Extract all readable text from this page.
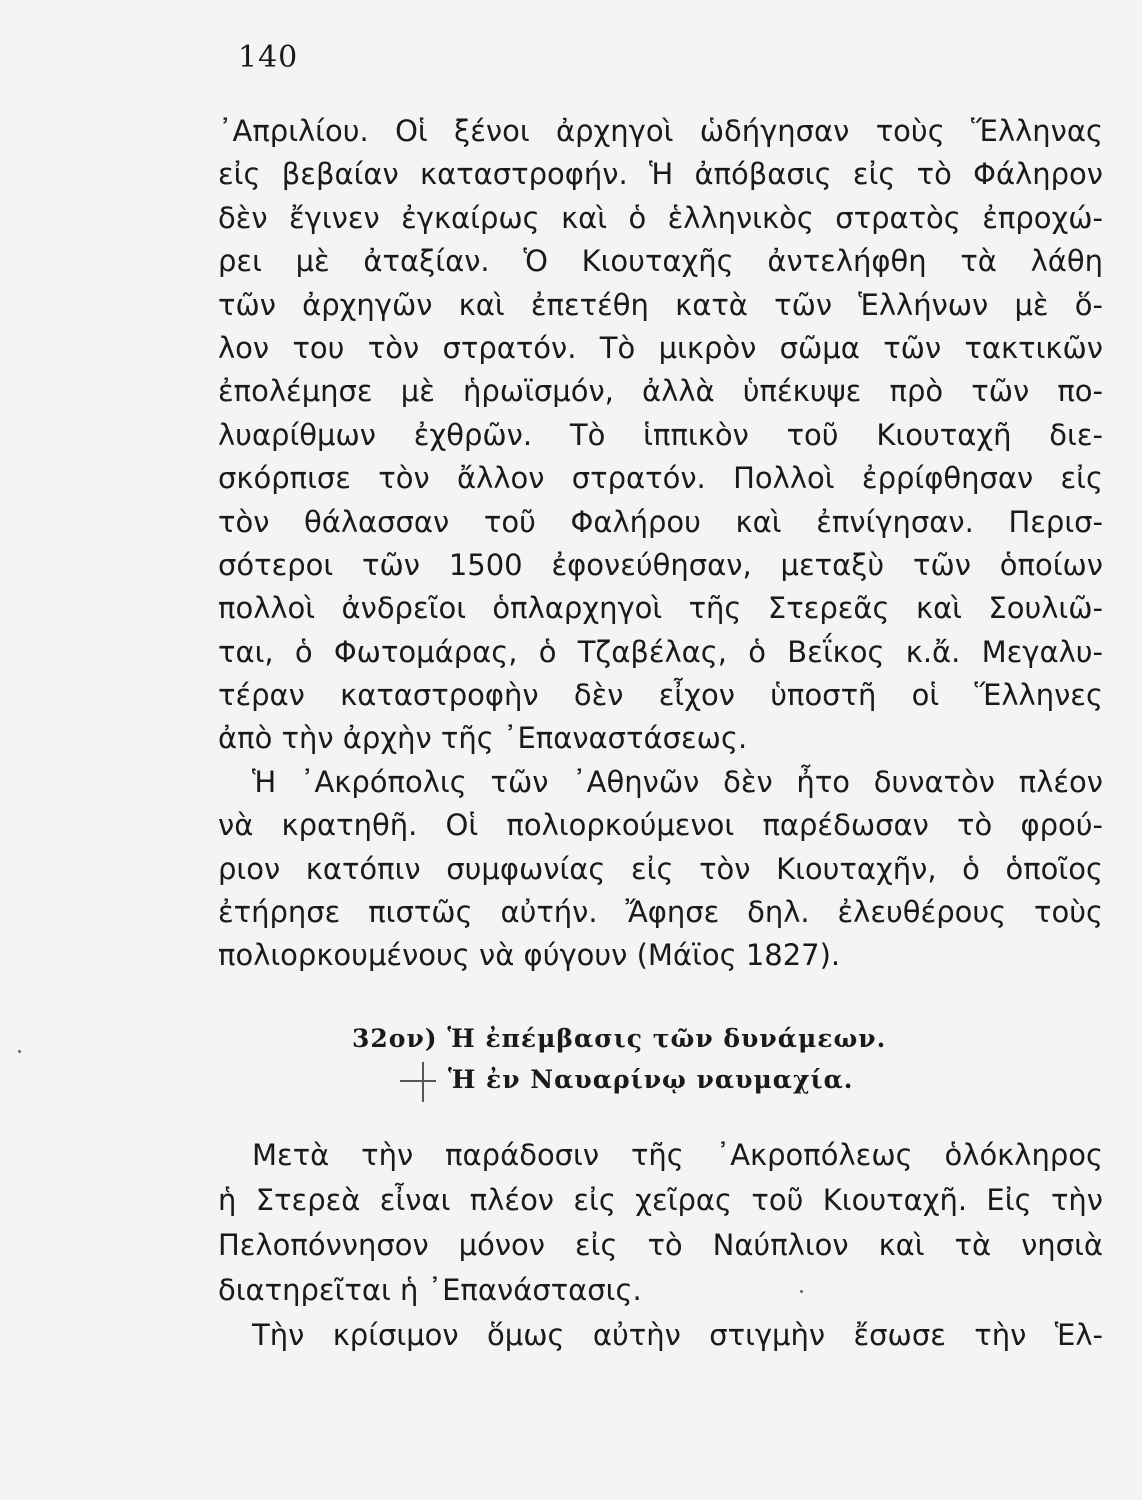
140
᾿Απριλίου. Οἱ ξένοι ἀρχηγοὶ ὡδήγησαν τοὺς Ἕλληνας
εἰς βεβαίαν καταστροφήν. Ἡ ἀπόβασις εἰς τὸ Φάληρον
δὲν ἔγινεν ἐγκαίρως καὶ ὁ ἑλληνικὸς στρατὸς ἐπροχώ-
ρει μὲ ἀταξίαν. Ὁ Κιουταχῆς ἀντελήφθη τὰ λάθη
τῶν ἀρχηγῶν καὶ ἐπετέθη κατὰ τῶν Ἑλλήνων μὲ ὅ-
λον του τὸν στρατόν. Τὸ μικρὸν σῶμα τῶν τακτικῶν
ἐπολέμησε μὲ ἡρωϊσμόν, ἀλλὰ ὑπέκυψε πρὸ τῶν πο-
λυαρίθμων ἐχθρῶν. Τὸ ἱππικὸν τοῦ Κιουταχῆ διε-
σκόρπισε τὸν ἄλλον στρατόν. Πολλοὶ ἐρρίφθησαν εἰς
τὸν θάλασσαν τοῦ Φαλήρου καὶ ἐπνίγησαν. Περισ-
σότεροι τῶν 1500 ἐφονεύθησαν, μεταξὺ τῶν ὁποίων
πολλοὶ ἀνδρεῖοι ὁπλαρχηγοὶ τῆς Στερεᾶς καὶ Σουλιῶ-
ται, ὁ Φωτομάρας, ὁ Τζαβέλας, ὁ Βεΐκος κ.ἄ. Μεγαλυ-
τέραν καταστροφὴν δὲν εἶχον ὑποστῆ οἱ Ἕλληνες
ἀπὸ τὴν ἀρχὴν τῆς ᾿Επαναστάσεως.
Ἡ ᾿Ακρόπολις τῶν ᾿Αθηνῶν δὲν ἦτο δυνατὸν πλέον
νὰ κρατηθῆ. Οἱ πολιορκούμενοι παρέδωσαν τὸ φρού-
ριον κατόπιν συμφωνίας εἰς τὸν Κιουταχῆν, ὁ ὁποῖος
ἐτήρησε πιστῶς αὐτήν. Ἄφησε δηλ. ἐλευθέρους τοὺς
πολιορκουμένους νὰ φύγουν (Μάϊος 1827).
32ον) Ἡ ἐπέμβασις τῶν δυνάμεων.
Ἡ ἐν Ναυαρίνῳ ναυμαχία.
Μετὰ τὴν παράδοσιν τῆς ᾿Ακροπόλεως ὁλόκληρος
ἡ Στερεὰ εἶναι πλέον εἰς χεῖρας τοῦ Κιουταχῆ. Εἰς τὴν
Πελοπόννησον μόνον εἰς τὸ Ναύπλιον καὶ τὰ νησιὰ
διατηρεῖται ἡ ᾿Επανάστασις.
Τὴν κρίσιμον ὅμως αὐτὴν στιγμὴν ἔσωσε τὴν Ἑλ-
